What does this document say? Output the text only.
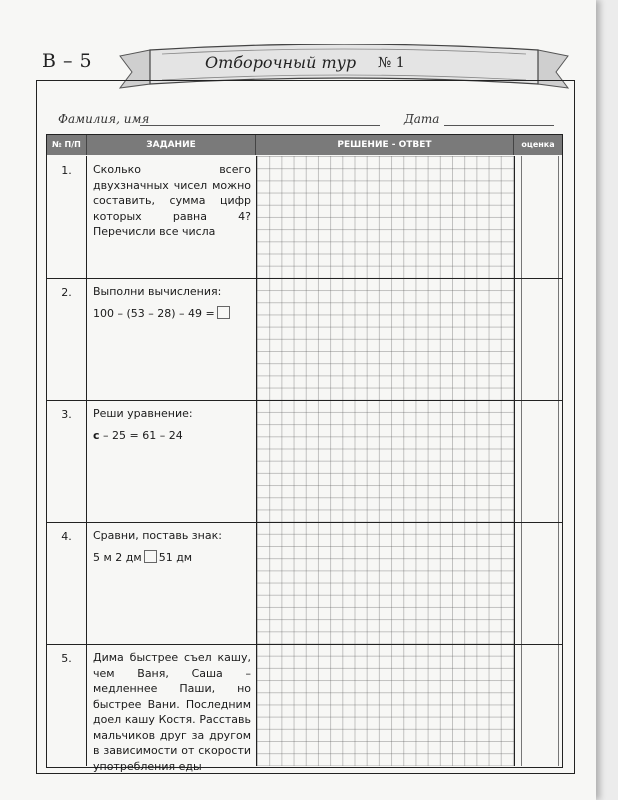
В – 5	Отборочный тур № 1
Фамилия, имя	Дата
№ П/П	ЗАДАНИЕ	РЕШЕНИЕ - ОТВЕТ	оценка
1.	Сколько всего двухзначных чисел можно составить, сумма цифр которых равна 4? Перечисли все числа

2.	Выполни вычисления:

100 – (53 – 28) – 49 =

3.	Реши уравнение:

с – 25 = 61 – 24

4.	Сравни, поставь знак:

5 м 2 дм 51 дм

5.	Дима быстрее съел кашу, чем Ваня, Саша – медленнее Паши, но быстрее Вани. Последним доел кашу Костя. Расставь мальчиков друг за другом в зависимости от скорости употребления еды
